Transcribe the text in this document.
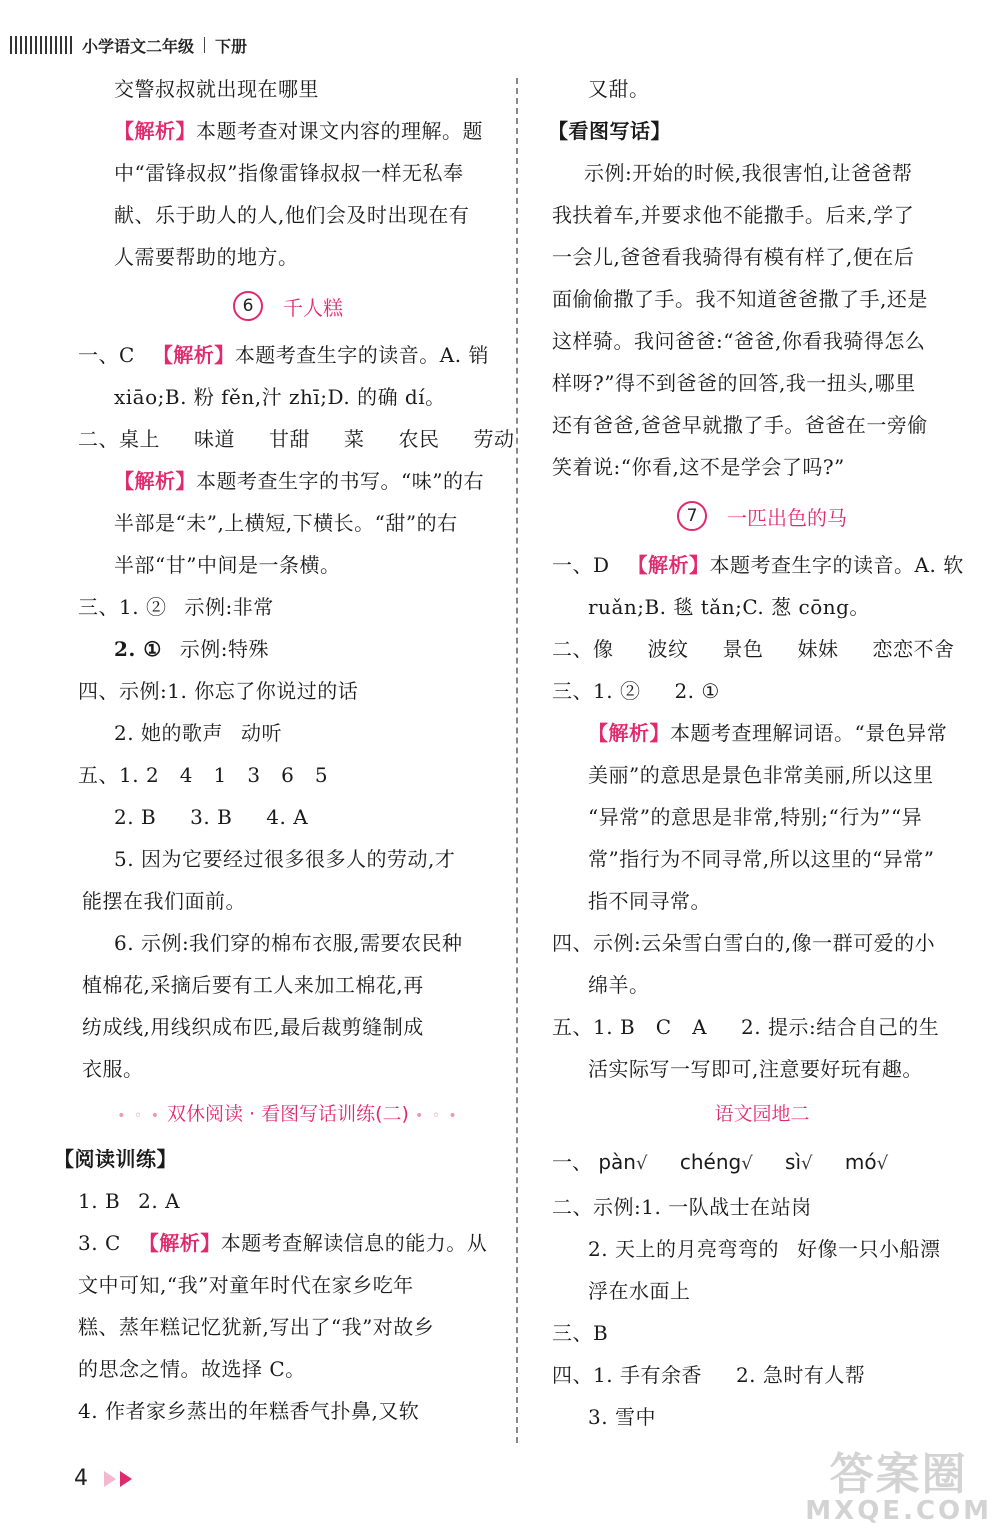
小学语文二年级 下册
交警叔叔就出现在哪里
【解析】本题考查对课文内容的理解。题
中“雷锋叔叔”指像雷锋叔叔一样无私奉
献、乐于助人的人,他们会及时出现在有
人需要帮助的地方。
6	千人糕
一、C 【解析】本题考查生字的读音。A. 销
xiāo;B. 粉 fěn,汁 zhī;D. 的确 dí。
二、桌上 味道 甘甜 菜 农民 劳动
【解析】本题考查生字的书写。“味”的右
半部是“未”,上横短,下横长。“甜”的右
半部“甘”中间是一条横。
三、1. ② 示例:非常
2. ① 示例:特殊
四、示例:1. 你忘了你说过的话
2. 她的歌声 动听
五、1. 2   4   1   3   6   5
2. B 3. B 4. A
5. 因为它要经过很多很多人的劳动,才
能摆在我们面前。
6. 示例:我们穿的棉布衣服,需要农民种
植棉花,采摘后要有工人来加工棉花,再
纺成线,用线织成布匹,最后裁剪缝制成
衣服。
• ◦ • 双休阅读 · 看图写话训练(二) • ◦ •
【阅读训练】
1. B 2. A
3. C 【解析】本题考查解读信息的能力。从
文中可知,“我”对童年时代在家乡吃年
糕、蒸年糕记忆犹新,写出了“我”对故乡
的思念之情。故选择 C。
4. 作者家乡蒸出的年糕香气扑鼻,又软
又甜。
【看图写话】
示例:开始的时候,我很害怕,让爸爸帮
我扶着车,并要求他不能撒手。后来,学了
一会儿,爸爸看我骑得有模有样了,便在后
面偷偷撒了手。我不知道爸爸撒了手,还是
这样骑。我问爸爸:“爸爸,你看我骑得怎么
样呀?”得不到爸爸的回答,我一扭头,哪里
还有爸爸,爸爸早就撒了手。爸爸在一旁偷
笑着说:“你看,这不是学会了吗?”
7	一匹出色的马
一、D 【解析】本题考查生字的读音。A. 软
ruǎn;B. 毯 tǎn;C. 葱 cōng。
二、像 波纹 景色 妹妹 恋恋不舍
三、1. ② 2. ①
【解析】本题考查理解词语。“景色异常
美丽”的意思是景色非常美丽,所以这里
“异常”的意思是非常,特别;“行为”“异
常”指行为不同寻常,所以这里的“异常”
指不同寻常。
四、示例:云朵雪白雪白的,像一群可爱的小
绵羊。
五、1. B   C   A 2. 提示:结合自己的生
活实际写一写即可,注意要好玩有趣。
语文园地二
一、 pàn√ chéng√ sì√ mó√
二、示例:1. 一队战士在站岗
2. 天上的月亮弯弯的 好像一只小船漂
浮在水面上
三、B
四、1. 手有余香 2. 急时有人帮
3. 雪中
4	答案圈
MXQE.COM
